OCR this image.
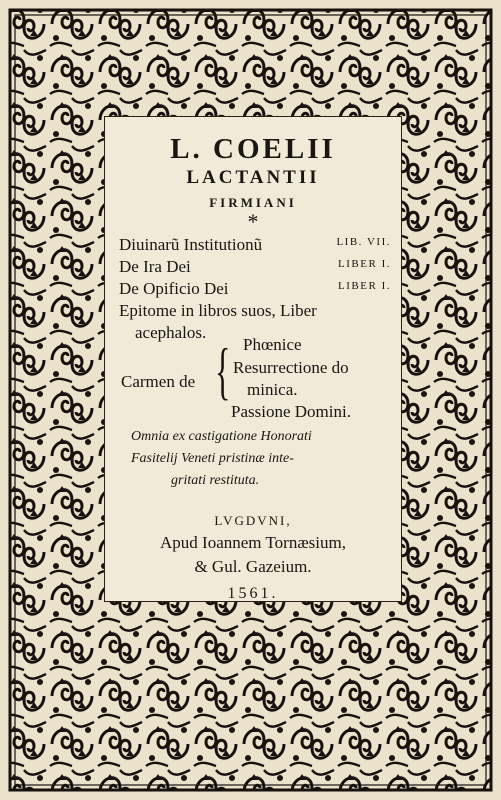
L. COELII
LACTANTII
FIRMIANI
*
Diuinarũ Institutionũ	LIB. VII.
De Ira Dei	LIBER I.
De Opificio Dei	LIBER I.
Epitome in libros suos, Liber
acephalos.
Carmen de { Phœnice
Resurrectione do
minica.
Passione Domini.
Omnia ex castigatione Honorati
Fasitelij Veneti pristinæ inte-
gritati restituta.
LVGDVNI,
Apud Ioannem Tornæsium,
& Gul. Gazeium.
1561.
